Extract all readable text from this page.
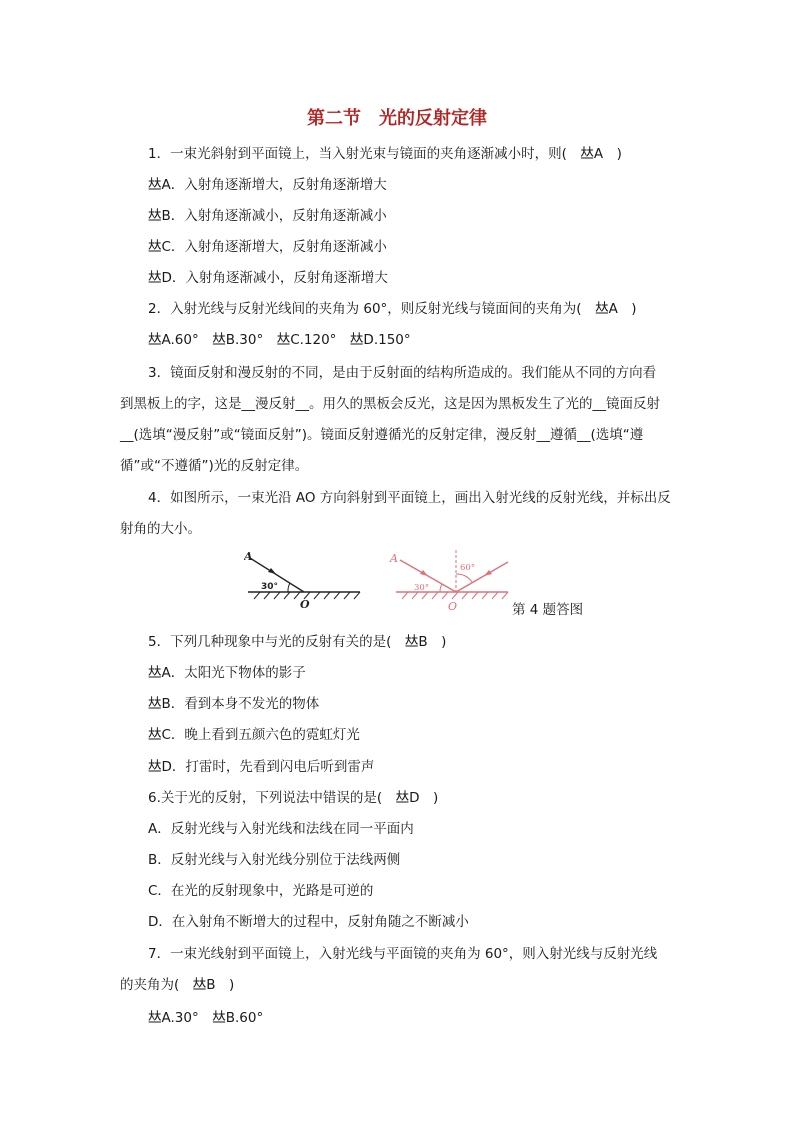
第二节　光的反射定律
1．一束光斜射到平面镜上，当入射光束与镜面的夹角逐渐减小时，则(　𠀤A　)
𠀤A．入射角逐渐增大，反射角逐渐增大
𠀤B．入射角逐渐减小，反射角逐渐减小
𠀤C．入射角逐渐增大，反射角逐渐减小
𠀤D．入射角逐渐减小，反射角逐渐增大
2．入射光线与反射光线间的夹角为 60°，则反射光线与镜面间的夹角为(　𠀤A　)
𠀤A.60°　𠀤B.30°　𠀤C.120°　𠀤D.150°
3．镜面反射和漫反射的不同，是由于反射面的结构所造成的。我们能从不同的方向看
到黑板上的字，这是__漫反射__。用久的黑板会反光，这是因为黑板发生了光的__镜面反射
__(选填“漫反射”或“镜面反射”)。镜面反射遵循光的反射定律，漫反射__遵循__(选填“遵
循”或“不遵循”)光的反射定律。
4．如图所示，一束光沿 AO 方向斜射到平面镜上，画出入射光线的反射光线，并标出反
射角的大小。
5．下列几种现象中与光的反射有关的是(　𠀤B　)
𠀤A．太阳光下物体的影子
𠀤B．看到本身不发光的物体
𠀤C．晚上看到五颜六色的霓虹灯光
𠀤D．打雷时，先看到闪电后听到雷声
6.关于光的反射，下列说法中错误的是(　𠀤D　)
A．反射光线与入射光线和法线在同一平面内
B．反射光线与入射光线分别位于法线两侧
C．在光的反射现象中，光路是可逆的
D．在入射角不断增大的过程中，反射角随之不断减小
7．一束光线射到平面镜上，入射光线与平面镜的夹角为 60°，则入射光线与反射光线
的夹角为(　𠀤B　)
𠀤A.30°　𠀤B.60°
A
30°
O
A
30°
60°
O	第 4 题答图
